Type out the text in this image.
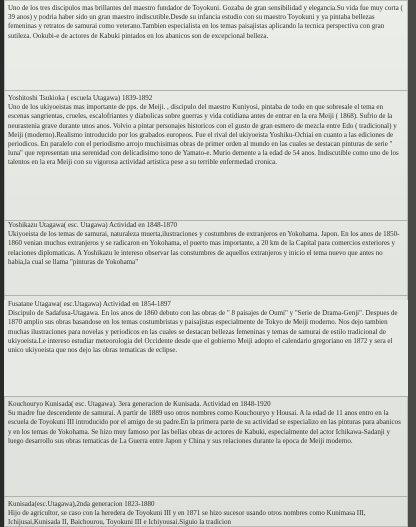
Uno de los tres discipulos mas brillantes del maestro fundador de Toyokuni. Gozaba de gran sensibilidad y elegancia.Su vida fue muy corta ( 39 anos) y podria haber sido un gran maestro indiscutible.Desde su infancia estudio con su maestro Toyokuni y ya pintaba bellezas femeninas y retratos de samurai como veterano.Tambien especialista en los temas paisajistas aplicando la tecnica perspectiva con gran sutileza. Ookubi-e de actores de Kabuki pintados en los abanicos son de excepcional belleza.

Yoshitoshi Tsukioka ( escuela Utagawa) 1839-1892
Uno de los ukiyoeistas mas importante de pps. de Meiji. , discipulo del maestro Kuniyosi, pintaba de todo en que sobresale el tema en escenas sangrientas, crueles, escalofriantes y diabolicas sobre guerras y vida cotidiana antes de entrar en la era Meiji ( 1868). Sufrio de la neurastenia grave durante unos anos. Volvio a pintar personajes historicos con el gusto de gran esmero de mezcla entre Edo ( tradicional) y Meiji (moderno).Realismo introducido por los grabados europeos. Fue el rival del ukiyoeista Yoshiku-Ochiai en cuanto a las ediciones de periodicos. En paralelo con el periodismo arrojo muchisimas obras de primer orden al mundo en las cuales se destacan pinturas de serie " luna" que representan una serenidad con delicadisimo tono de Yamato-e. Murio demente a la edad de 54 anos. Indiscutible como uno de los talentos en la era Meiji con su vigorosa actividad artistica pese a su terrible enfermedad cronica.

Yoshikazu Utagawa( esc. Utagawa) Actividad en 1848-1870
Ukiyoeista de los temas de samurai, naturaleza muerta,ilustraciones y costumbres de extranjeros en Yokohama. Japon. En los anos de 1850-1860 venian muchos extranjeros y se radicaron en Yokohama, el puerto mas importante, a 20 km de la Capital para comercios exteriores y relaciones diplomaticas. A Yoshikazu le intereso observar las constumbres de aquellos extranjeros y inicio el tema nuevo que antes no habia,la cual se llama "pinturas de Yokohama"

Fusatane Utagawa( esc.Utagawa) Actividad en 1854-1897
Discipulo de Sadafusa-Utagawa. En los anos de 1860 debuto con las obras de " 8 paisajes de Oumi" y "Serie de Drama-Genji". Despues de 1870 amplio sus obras basandose en los temas costumbristas y paisajistas especialmente de Tokyo de Meiji moderno. Nos dejo tambien muchas ilustraciones para novelas y periodicos en las cuales se destacan bellezas femeninas y temas de samurai de estilo tradicional de ukiyoeista.Le intereso estudiar meteorologia del Occidente desde que el gobierno Meiji adopto el calendario gregoriano en 1872 y sera el unico ukiyoeista que nos dejo las obras tematicas de eclipse.

Kouchouryo Kunisada( esc. Utagawa). 3era generacion de Kunisada. Actividad en 1848-1920
Su madre fue descendente de samurai. A partir de 1889 uso otros nombres como Kouchouryo y Housai. A la edad de 11 anos entro en la escuela de Toyokuni III introducido por el amigo de su padre.En la primera parte de su actividad se especializo en las pinturas para abanicos y en los temas de Yokohama. Se hizo muy famoso por las bellas obras de actores de Kabuki, especialmente del actor Ichikawa-Sadanji y luego desarrollo sus obras tematicas de La Guerra entre Japon y China y sus relaciones durante la epoca de Meiji moderno.

Kunisada(esc.Utagawa),2nda generacion 1823-1880
Hijo de agricultor, se caso con la heredera de Toyokuni III y en 1871 se hizo sucesor usando otros nombres como Kunimasa III, Ichijusai,Kunisada II, Baichourou, Toyokuni III e Ichiyousai.Siguio la tradicion
